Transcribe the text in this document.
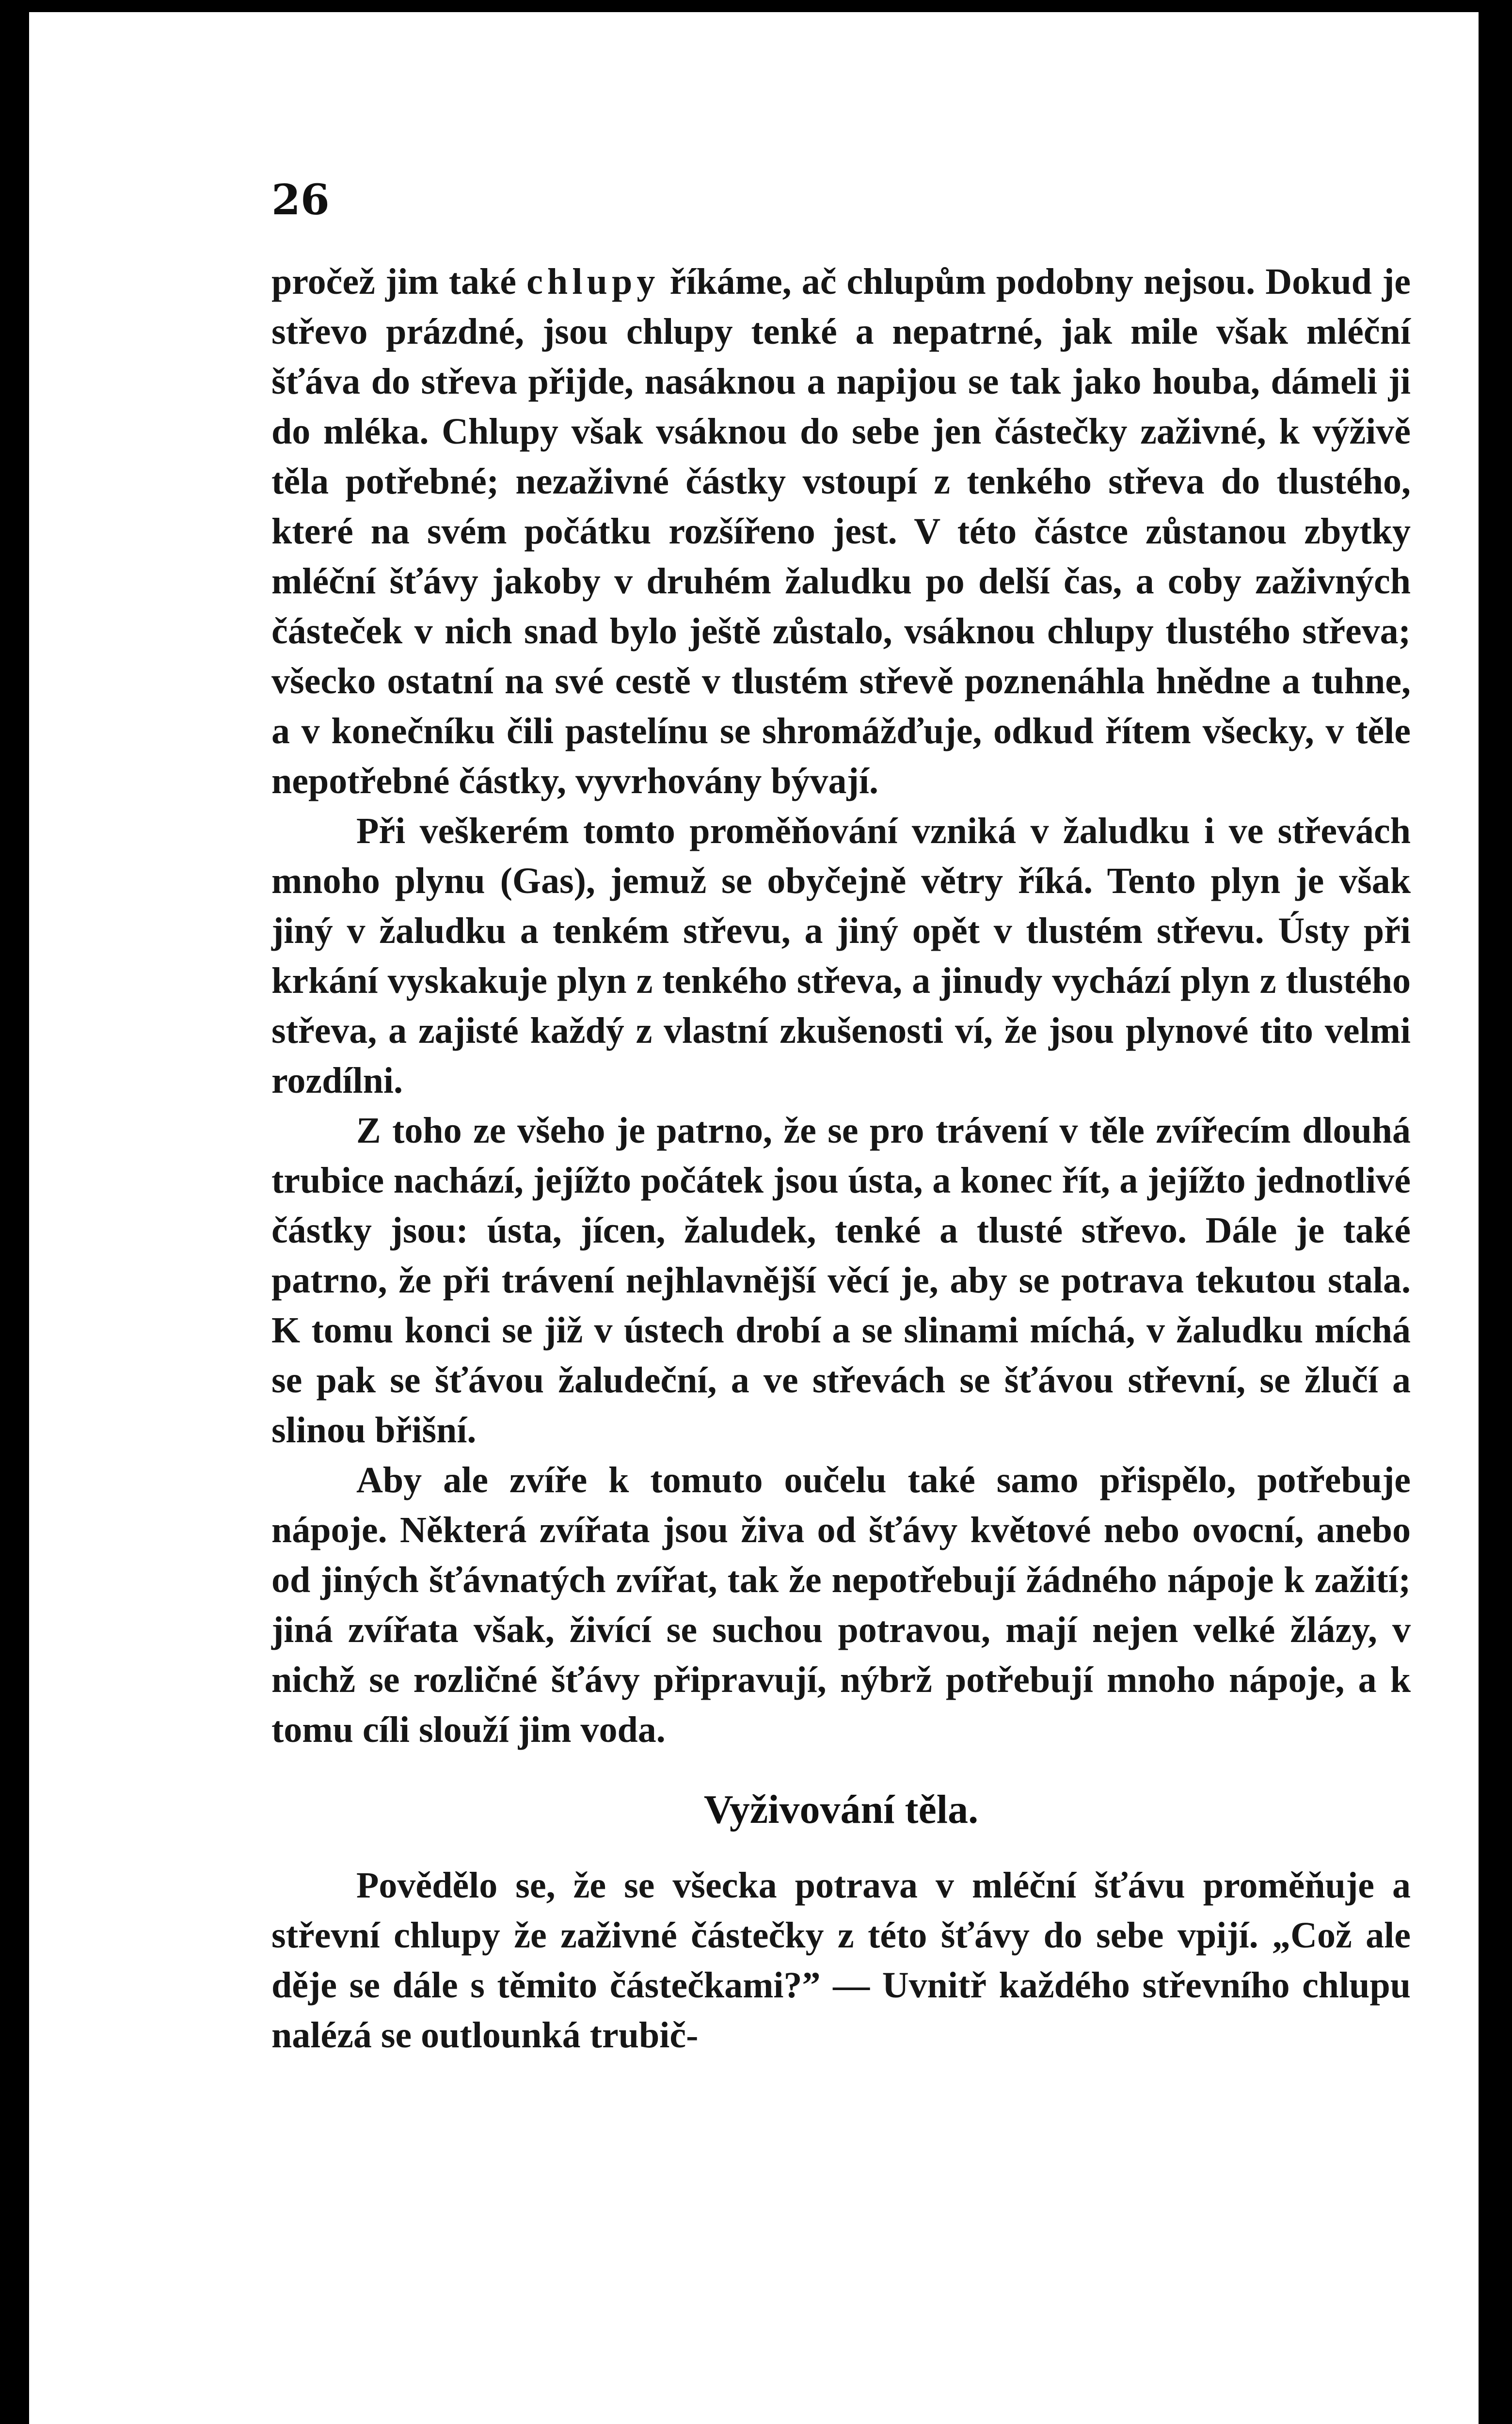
26

pročež jim také chlupy říkáme, ač chlupům podobny nejsou. Dokud je střevo prázdné, jsou chlupy tenké a nepatrné, jak mile však mléční šťáva do střeva přijde, nasáknou a napijou se tak jako houba, dámeli ji do mléka. Chlupy však vsáknou do sebe jen částečky zaživné, k výživě těla potřebné; nezaživné částky vstoupí z tenkého střeva do tlustého, které na svém počátku rozšířeno jest. V této částce zůstanou zbytky mléční šťávy jakoby v druhém žaludku po delší čas, a coby zaživných částeček v nich snad bylo ještě zůstalo, vsáknou chlupy tlustého střeva; všecko ostatní na své cestě v tlustém střevě poznenáhla hnědne a tuhne, a v konečníku čili pastelínu se shromážďuje, odkud řítem všecky, v těle nepotřebné částky, vyvrhovány bývají.

Při veškerém tomto proměňování vzniká v žaludku i ve střevách mnoho plynu (Gas), jemuž se obyčejně větry říká. Tento plyn je však jiný v žaludku a tenkém střevu, a jiný opět v tlustém střevu. Ústy při krkání vyskakuje plyn z tenkého střeva, a jinudy vychází plyn z tlustého střeva, a zajisté každý z vlastní zkušenosti ví, že jsou plynové tito velmi rozdílni.

Z toho ze všeho je patrno, že se pro trávení v těle zvířecím dlouhá trubice nachází, jejížto počátek jsou ústa, a konec řít, a jejížto jednotlivé částky jsou: ústa, jícen, žaludek, tenké a tlusté střevo. Dále je také patrno, že při trávení nejhlavnější věcí je, aby se potrava tekutou stala. K tomu konci se již v ústech drobí a se slinami míchá, v žaludku míchá se pak se šťávou žaludeční, a ve střevách se šťávou střevní, se žlučí a slinou břišní.

Aby ale zvíře k tomuto oučelu také samo přispělo, potřebuje nápoje. Některá zvířata jsou živa od šťávy květové nebo ovocní, anebo od jiných šťávnatých zvířat, tak že nepotřebují žádného nápoje k zažití; jiná zvířata však, živící se suchou potravou, mají nejen velké žlázy, v nichž se rozličné šťávy připravují, nýbrž potřebují mnoho nápoje, a k tomu cíli slouží jim voda.

Vyživování těla.

Povědělo se, že se všecka potrava v mléční šťávu proměňuje a střevní chlupy že zaživné částečky z této šťávy do sebe vpijí. „Což ale děje se dále s těmito částečkami?” — Uvnitř každého střevního chlupu nalézá se outlounká trubič-
